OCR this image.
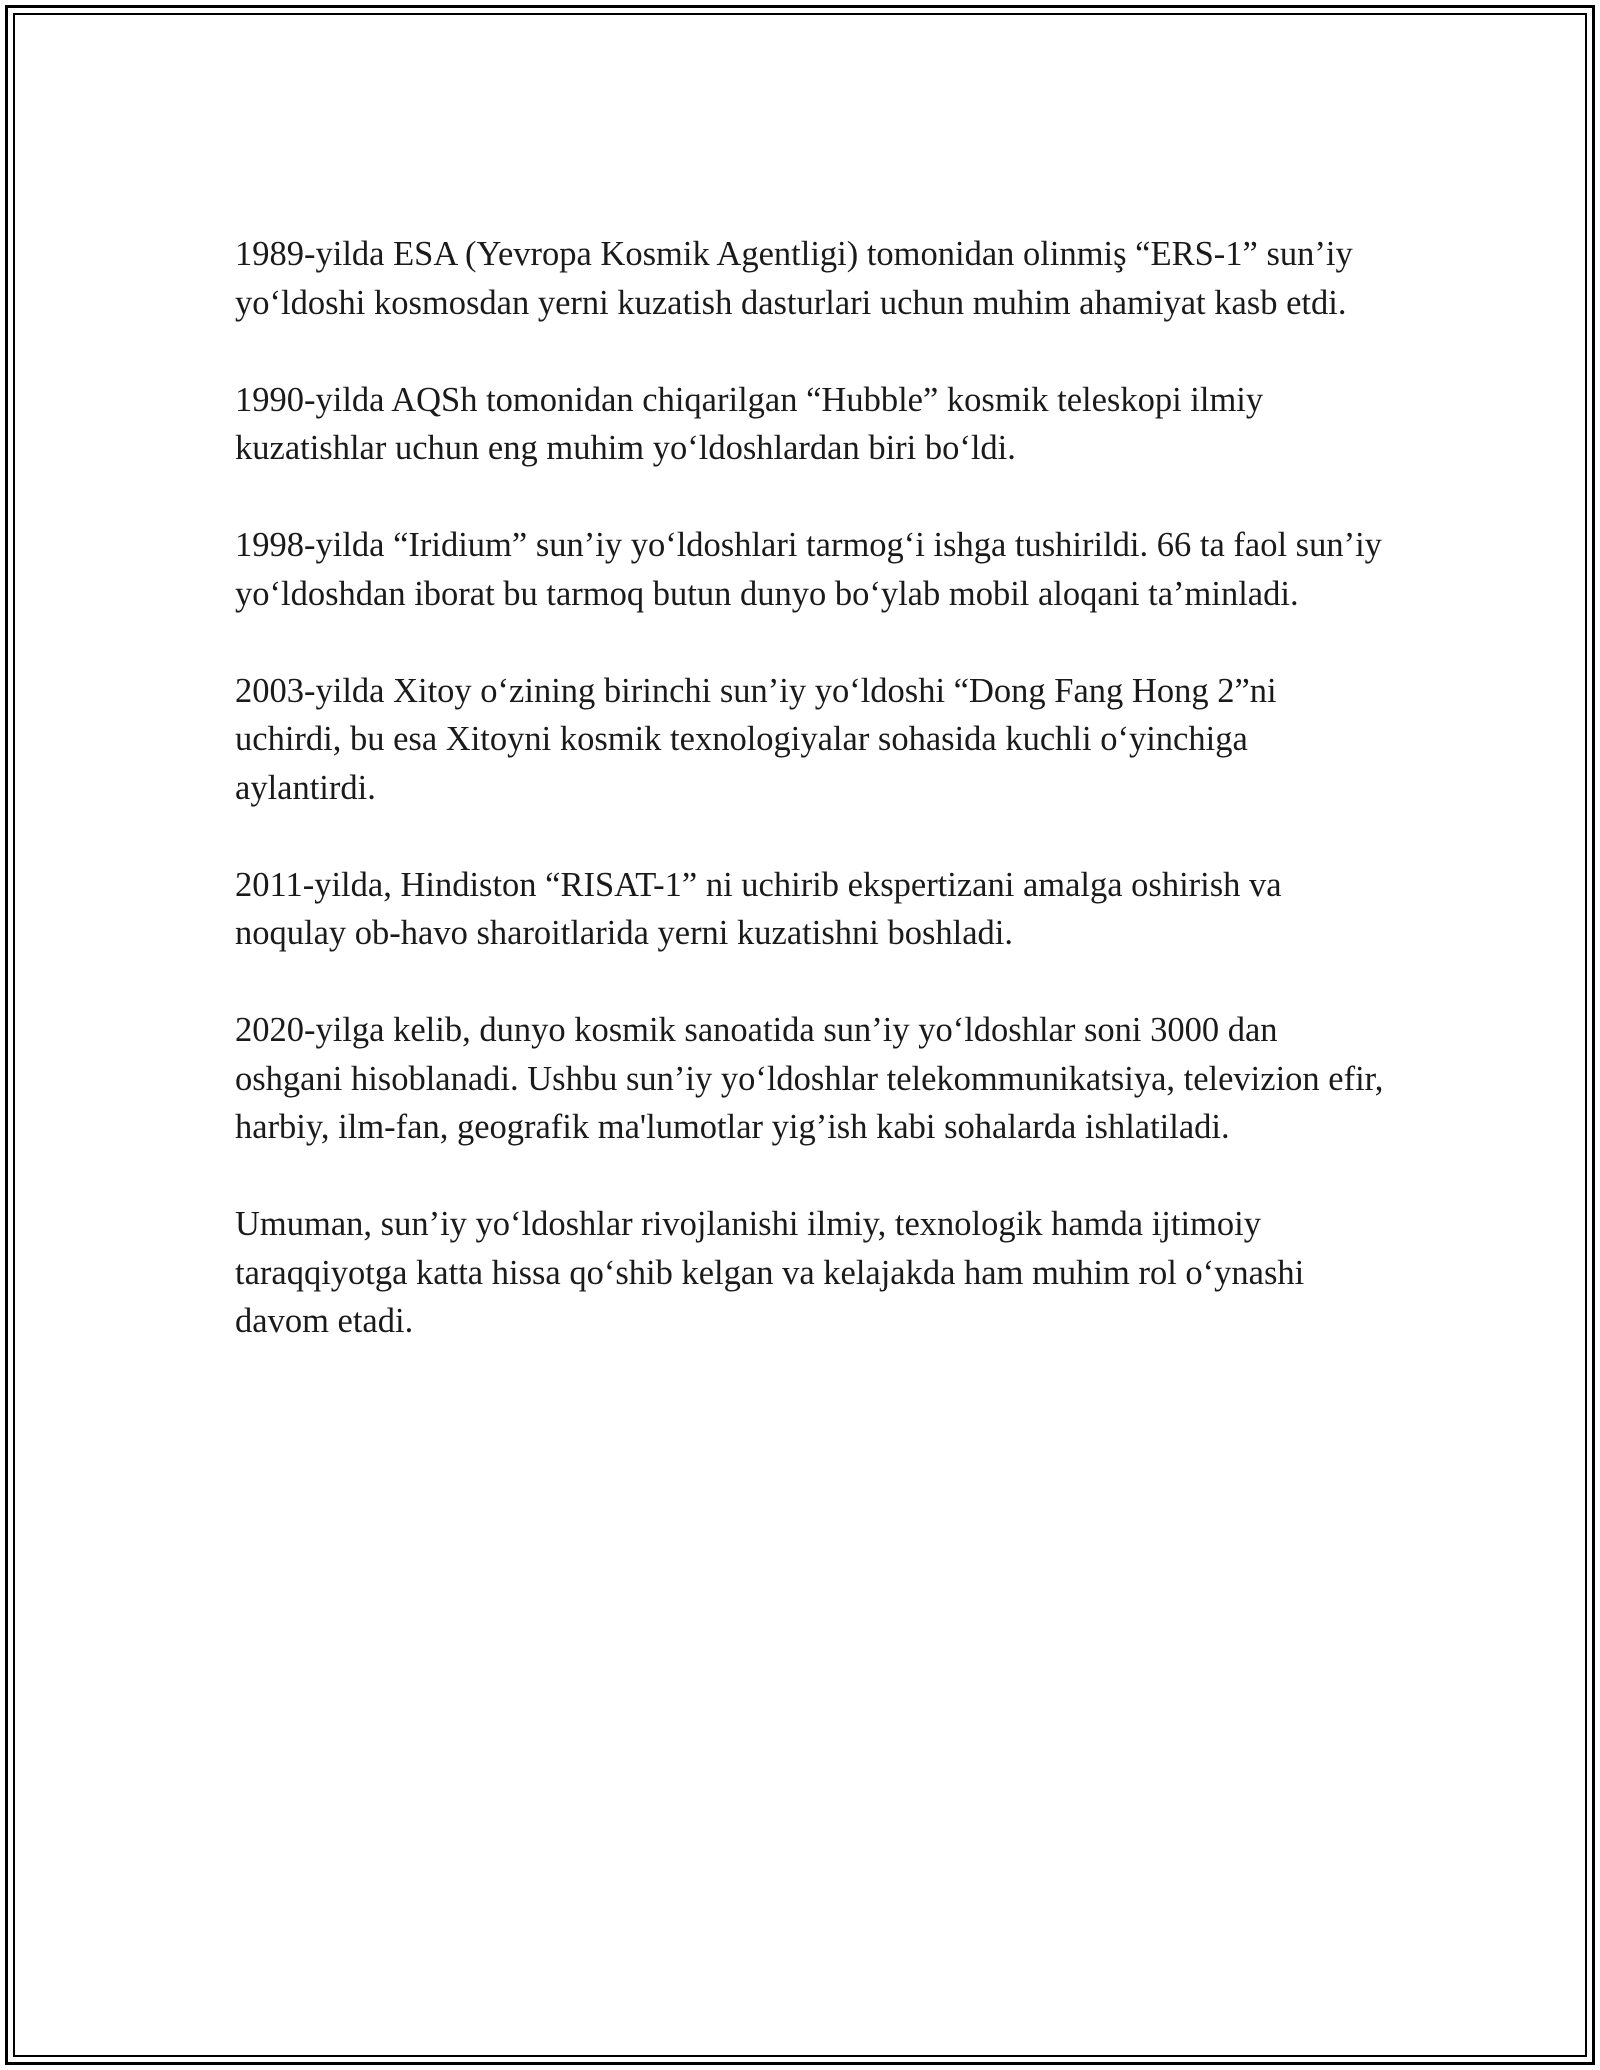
1989-yilda ESA (Yevropa Kosmik Agentligi) tomonidan olinmiş “ERS-1” sun’iy yo‘ldoshi kosmosdan yerni kuzatish dasturlari uchun muhim ahamiyat kasb etdi.

1990-yilda AQSh tomonidan chiqarilgan “Hubble” kosmik teleskopi ilmiy kuzatishlar uchun eng muhim yo‘ldoshlardan biri bo‘ldi.

1998-yilda “Iridium” sun’iy yo‘ldoshlari tarmog‘i ishga tushirildi. 66 ta faol sun’iy yo‘ldoshdan iborat bu tarmoq butun dunyo bo‘ylab mobil aloqani ta’minladi.

2003-yilda Xitoy o‘zining birinchi sun’iy yo‘ldoshi “Dong Fang Hong 2”ni uchirdi, bu esa Xitoyni kosmik texnologiyalar sohasida kuchli o‘yinchiga aylantirdi.

2011-yilda, Hindiston “RISAT-1” ni uchirib ekspertizani amalga oshirish va noqulay ob-havo sharoitlarida yerni kuzatishni boshladi.

2020-yilga kelib, dunyo kosmik sanoatida sun’iy yo‘ldoshlar soni 3000 dan oshgani hisoblanadi. Ushbu sun’iy yo‘ldoshlar telekommunikatsiya, televizion efir, harbiy, ilm-fan, geografik ma'lumotlar yig’ish kabi sohalarda ishlatiladi.

Umuman, sun’iy yo‘ldoshlar rivojlanishi ilmiy, texnologik hamda ijtimoiy taraqqiyotga katta hissa qo‘shib kelgan va kelajakda ham muhim rol o‘ynashi davom etadi.
